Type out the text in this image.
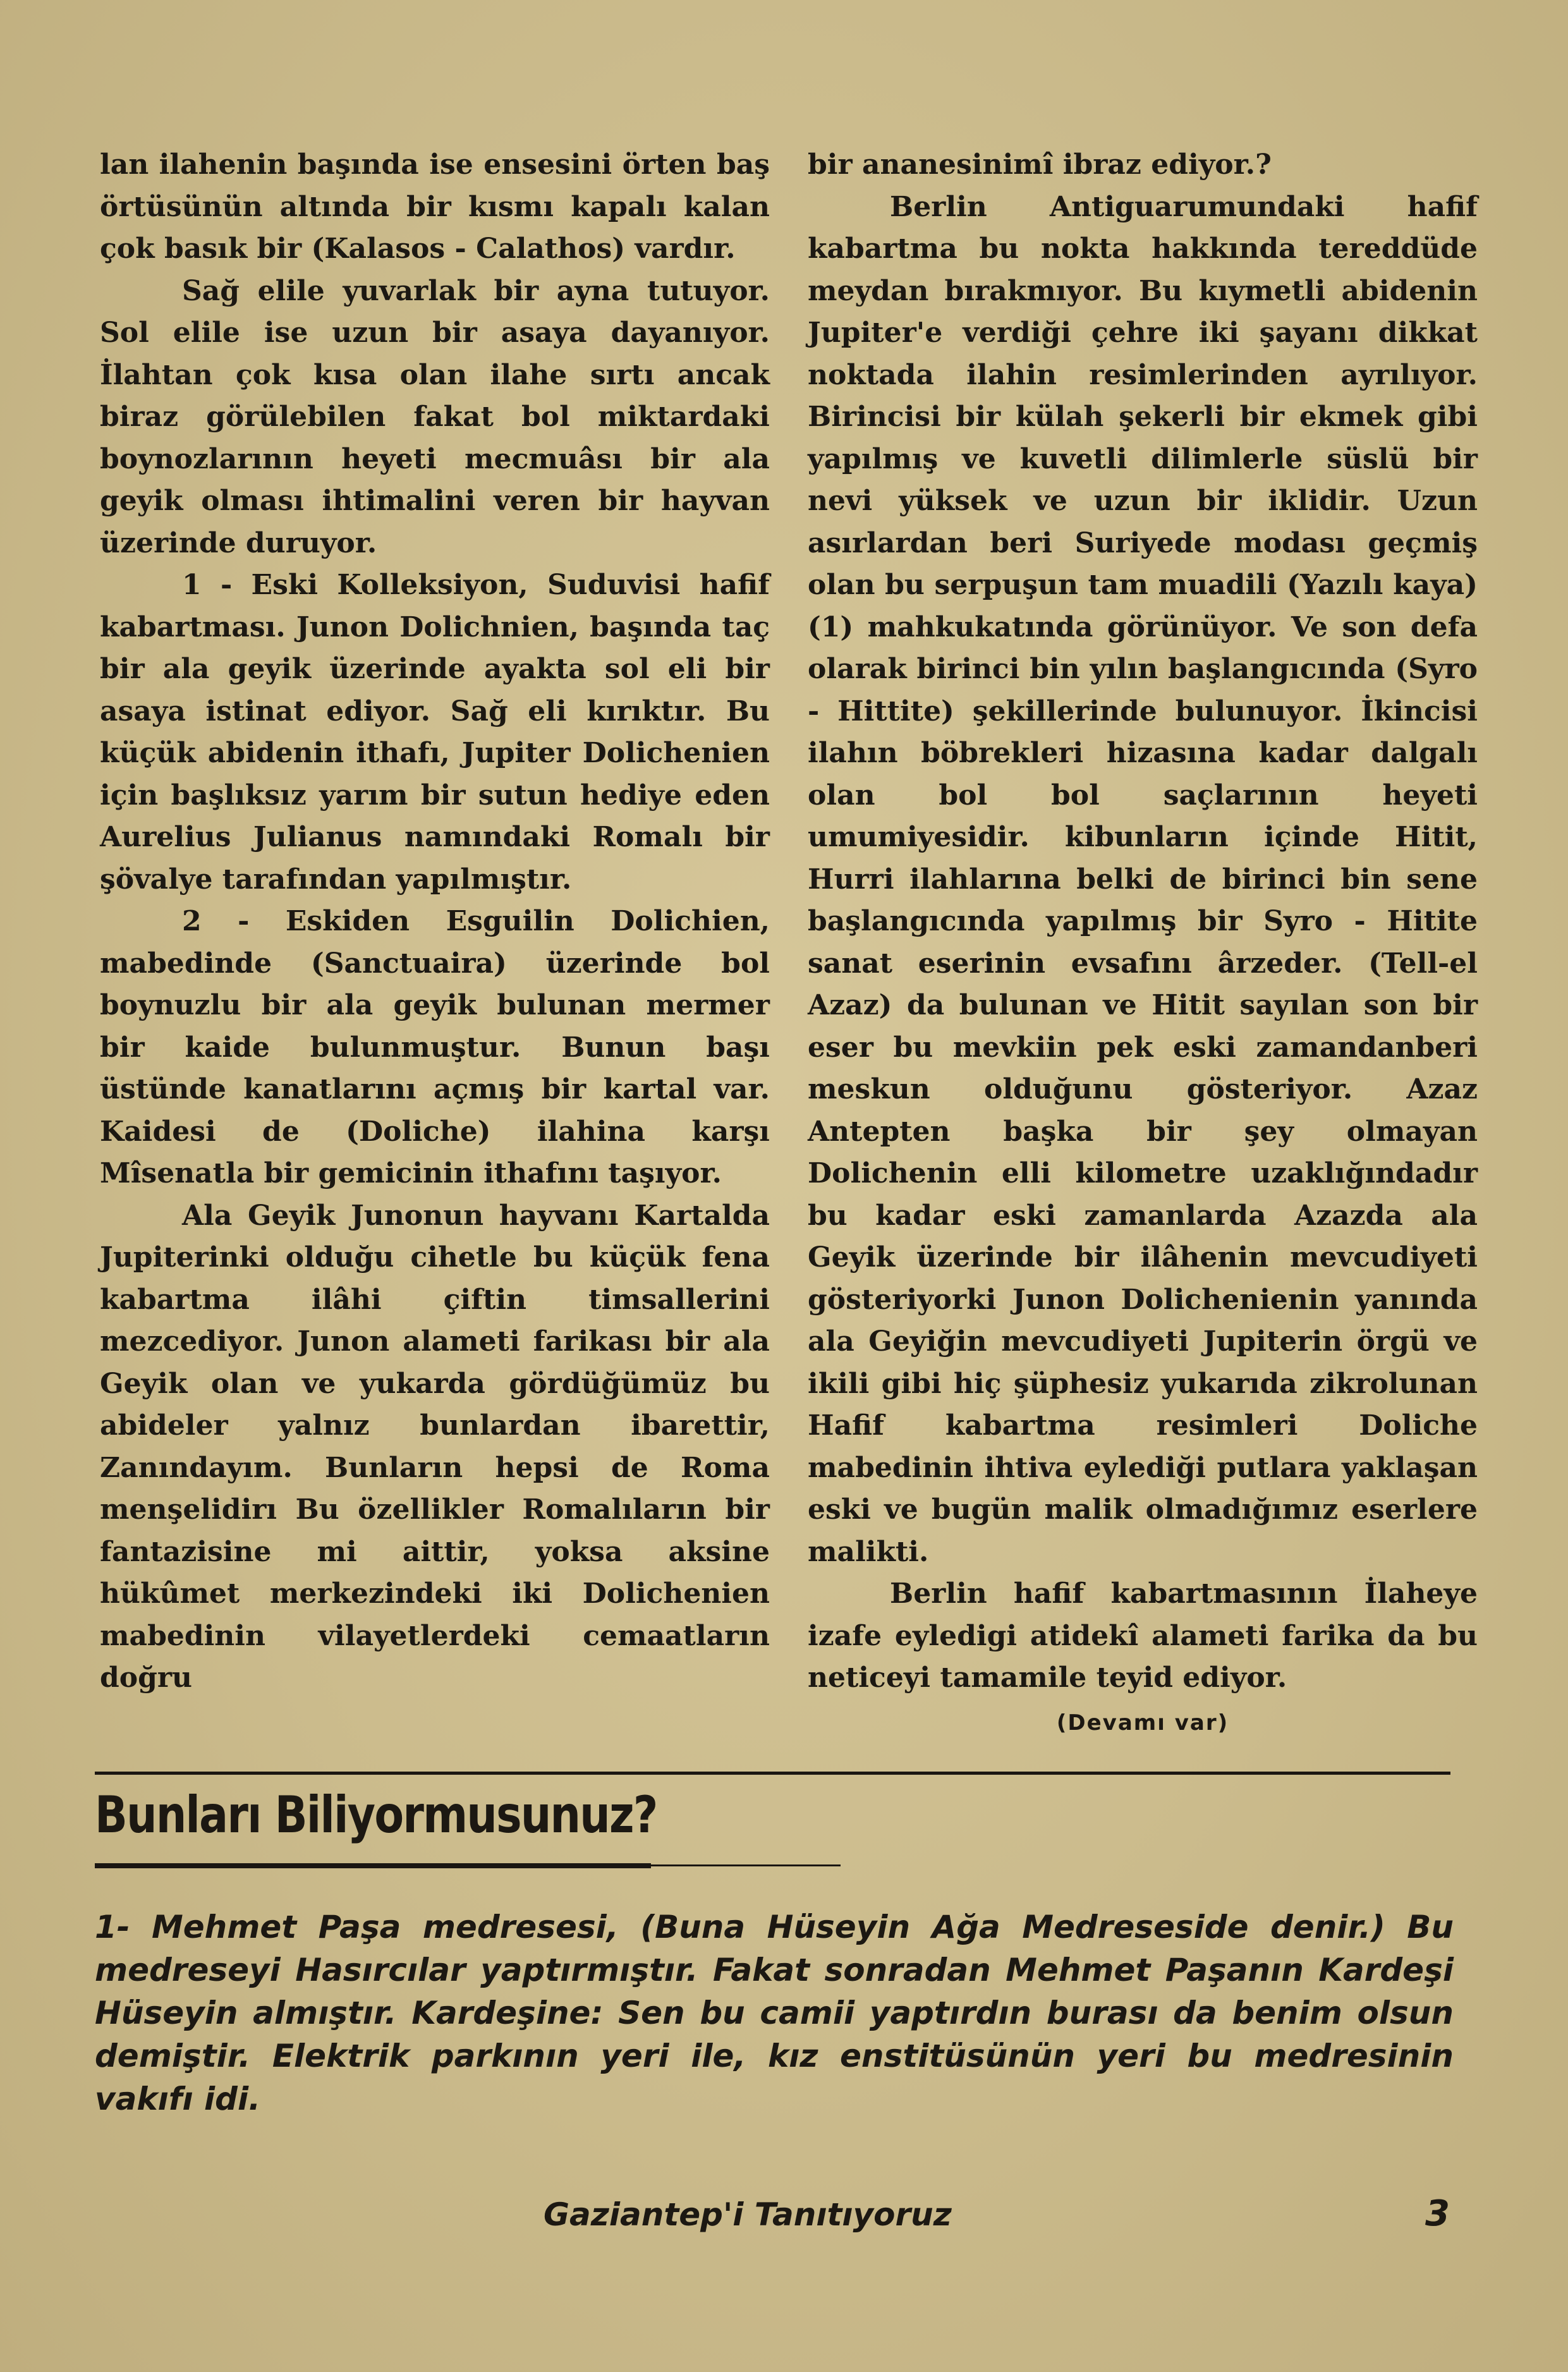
lan ilahenin başında ise ensesini örten baş örtüsünün altında bir kısmı kapalı kalan çok basık bir (Kalasos - Calathos) vardır.

Sağ elile yuvarlak bir ayna tutuyor. Sol elile ise uzun bir asaya dayanıyor. İlahtan çok kısa olan ilahe sırtı ancak biraz görülebilen fakat bol miktardaki boynozlarının heyeti mecmuâsı bir ala geyik olması ihtimalini veren bir hayvan üzerinde duruyor.

1 - Eski Kolleksiyon, Suduvisi hafif kabartması. Junon Dolichnien, başında taç bir ala geyik üzerinde ayakta sol eli bir asaya istinat ediyor. Sağ eli kırıktır. Bu küçük abidenin ithafı, Jupiter Dolichenien için başlıksız yarım bir sutun hediye eden Aurelius Julianus namındaki Romalı bir şövalye tarafından yapılmıştır.

2 - Eskiden Esguilin Dolichien, mabedinde (Sanctuaira) üzerinde bol boynuzlu bir ala geyik bulunan mermer bir kaide bulunmuştur. Bunun başı üstünde kanatlarını açmış bir kartal var. Kaidesi de (Doliche) ilahina karşı Mîsenatla bir gemicinin ithafını taşıyor.

Ala Geyik Junonun hayvanı Kartalda Jupiterinki olduğu cihetle bu küçük fena kabartma ilâhi çiftin timsallerini mezcediyor. Junon alameti farikası bir ala Geyik olan ve yukarda gördüğümüz bu abideler yalnız bunlardan ibarettir, Zanındayım. Bunların hepsi de Roma menşelidirı Bu özellikler Romalıların bir fantazisine mi aittir, yoksa aksine hükûmet merkezindeki iki Dolichenien mabedinin vilayetlerdeki cemaatların doğru

bir ananesinimî ibraz ediyor.?

Berlin Antiguarumundaki hafif kabartma bu nokta hakkında tereddüde meydan bırakmıyor. Bu kıymetli abidenin Jupiter'e verdiği çehre iki şayanı dikkat noktada ilahin resimlerinden ayrılıyor. Birincisi bir külah şekerli bir ekmek gibi yapılmış ve kuvetli dilimlerle süslü bir nevi yüksek ve uzun bir iklidir. Uzun asırlardan beri Suriyede modası geçmiş olan bu serpuşun tam muadili (Yazılı kaya) (1) mahkukatında görünüyor. Ve son defa olarak birinci bin yılın başlangıcında (Syro - Hittite) şekillerinde bulunuyor. İkincisi ilahın böbrekleri hizasına kadar dalgalı olan bol bol saçlarının heyeti umumiyesidir. kibunların içinde Hitit, Hurri ilahlarına belki de birinci bin sene başlangıcında yapılmış bir Syro - Hitite sanat eserinin evsafını ârzeder. (Tell-el Azaz) da bulunan ve Hitit sayılan son bir eser bu mevkiin pek eski zamandanberi meskun olduğunu gösteriyor. Azaz Antepten başka bir şey olmayan Dolichenin elli kilometre uzaklığındadır bu kadar eski zamanlarda Azazda ala Geyik üzerinde bir ilâhenin mevcudiyeti gösteriyorki Junon Dolichenienin yanında ala Geyiğin mevcudiyeti Jupiterin örgü ve ikili gibi hiç şüphesiz yukarıda zikrolunan Hafif kabartma resimleri Doliche mabedinin ihtiva eylediği putlara yaklaşan eski ve bugün malik olmadığımız eserlere malikti.

Berlin hafif kabartmasının İlaheye izafe eyledigi atidekî alameti farika da bu neticeyi tamamile teyid ediyor.

(Devamı var)
Bunları Biliyormusunuz?
1- Mehmet Paşa medresesi, (Buna Hüseyin Ağa Medreseside denir.) Bu medreseyi Hasırcılar yaptırmıştır. Fakat sonradan Mehmet Paşanın Kardeşi Hüseyin almıştır. Kardeşine: Sen bu camii yaptırdın burası da benim olsun demiştir. Elektrik parkının yeri ile, kız enstitüsünün yeri bu medresinin vakıfı idi.
Gaziantep'i Tanıtıyoruz	3
